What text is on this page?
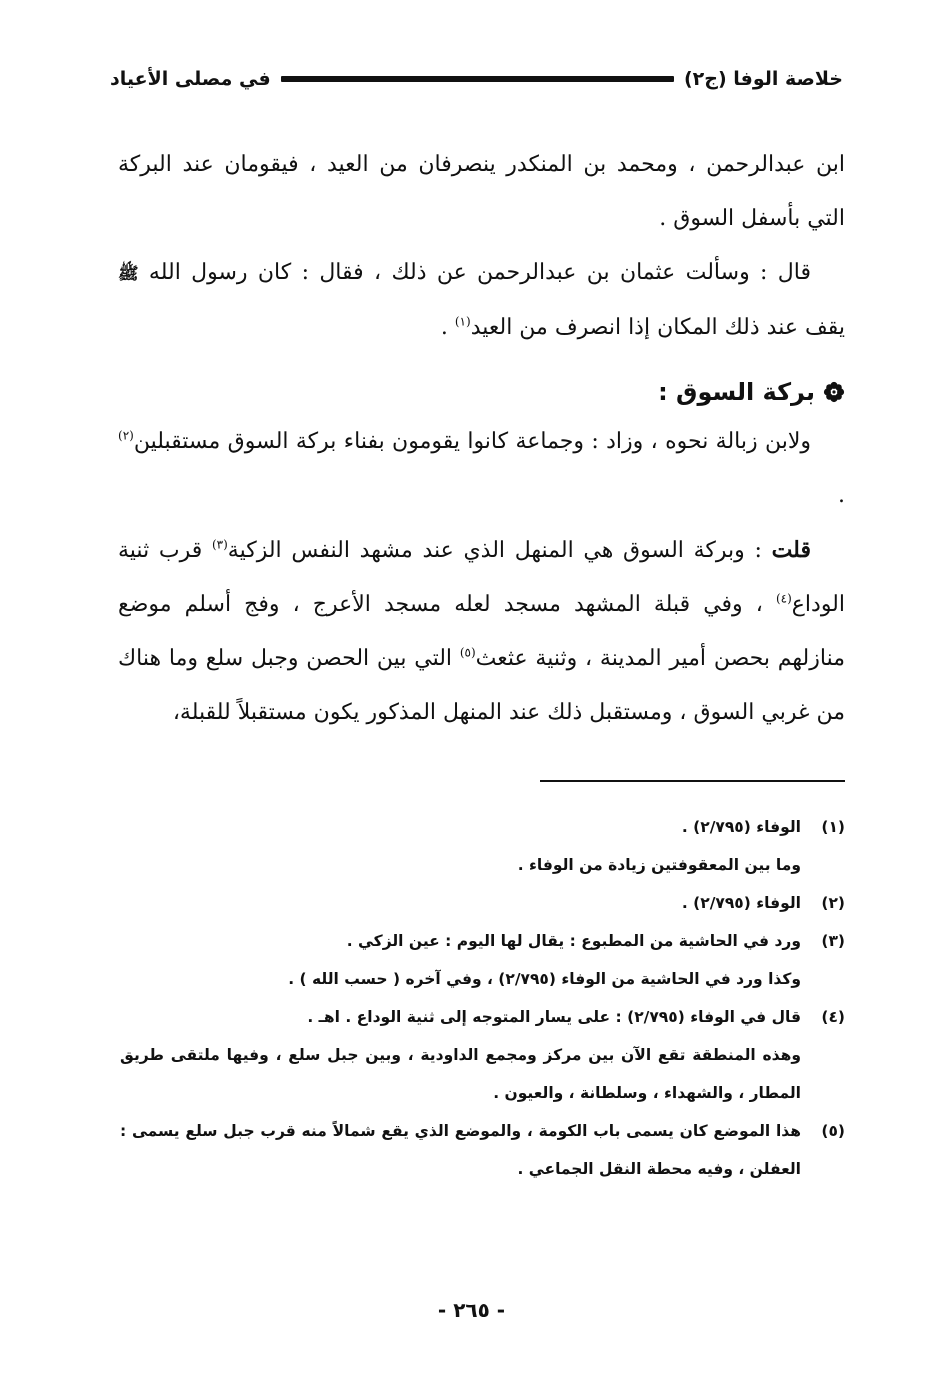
خلاصة الوفا (ج٢)
في مصلى الأعياد

ابن عبدالرحمن ، ومحمد بن المنكدر ينصرفان من العيد ، فيقومان عند البركة التي بأسفل السوق .

قال : وسألت عثمان بن عبدالرحمن عن ذلك ، فقال : كان رسول الله ﷺ يقف عند ذلك المكان إذا انصرف من العيد$^{(١)}$ .

بركة السوق :

ولابن زبالة نحوه ، وزاد : وجماعة كانوا يقومون بفناء بركة السوق مستقبلين$^{(٢)}$ .

قلت : وبركة السوق هي المنهل الذي عند مشهد النفس الزكية$^{(٣)}$ قرب ثنية الوداع$^{(٤)}$ ، وفي قبلة المشهد مسجد لعله مسجد الأعرج ، وفج أسلم موضع منازلهم بحصن أمير المدينة ، وثنية عثعث$^{(٥)}$ التي بين الحصن وجبل سلع وما هناك من غربي السوق ، ومستقبل ذلك عند المنهل المذكور يكون مستقبلاً للقبلة،

(١)

الوفاء (٢/٧٩٥) .

وما بين المعقوفتين زيادة من الوفاء .

(٢)

الوفاء (٢/٧٩٥) .

(٣)

ورد في الحاشية من المطبوع : يقال لها اليوم : عين الزكي .

وكذا ورد في الحاشية من الوفاء (٢/٧٩٥) ، وفي آخره ( حسب الله ) .

(٤)

قال في الوفاء (٢/٧٩٥) : على يسار المتوجه إلى ثنية الوداع . اهـ .

وهذه المنطقة تقع الآن بين مركز ومجمع الداودية ، وبين جبل سلع ، وفيها ملتقى طريق المطار ، والشهداء ، وسلطانة ، والعيون .

(٥)

هذا الموضع كان يسمى باب الكومة ، والموضع الذي يقع شمالاً منه قرب جبل سلع يسمى : العفلن ، وفيه محطة النقل الجماعي .

- ٢٦٥ -
